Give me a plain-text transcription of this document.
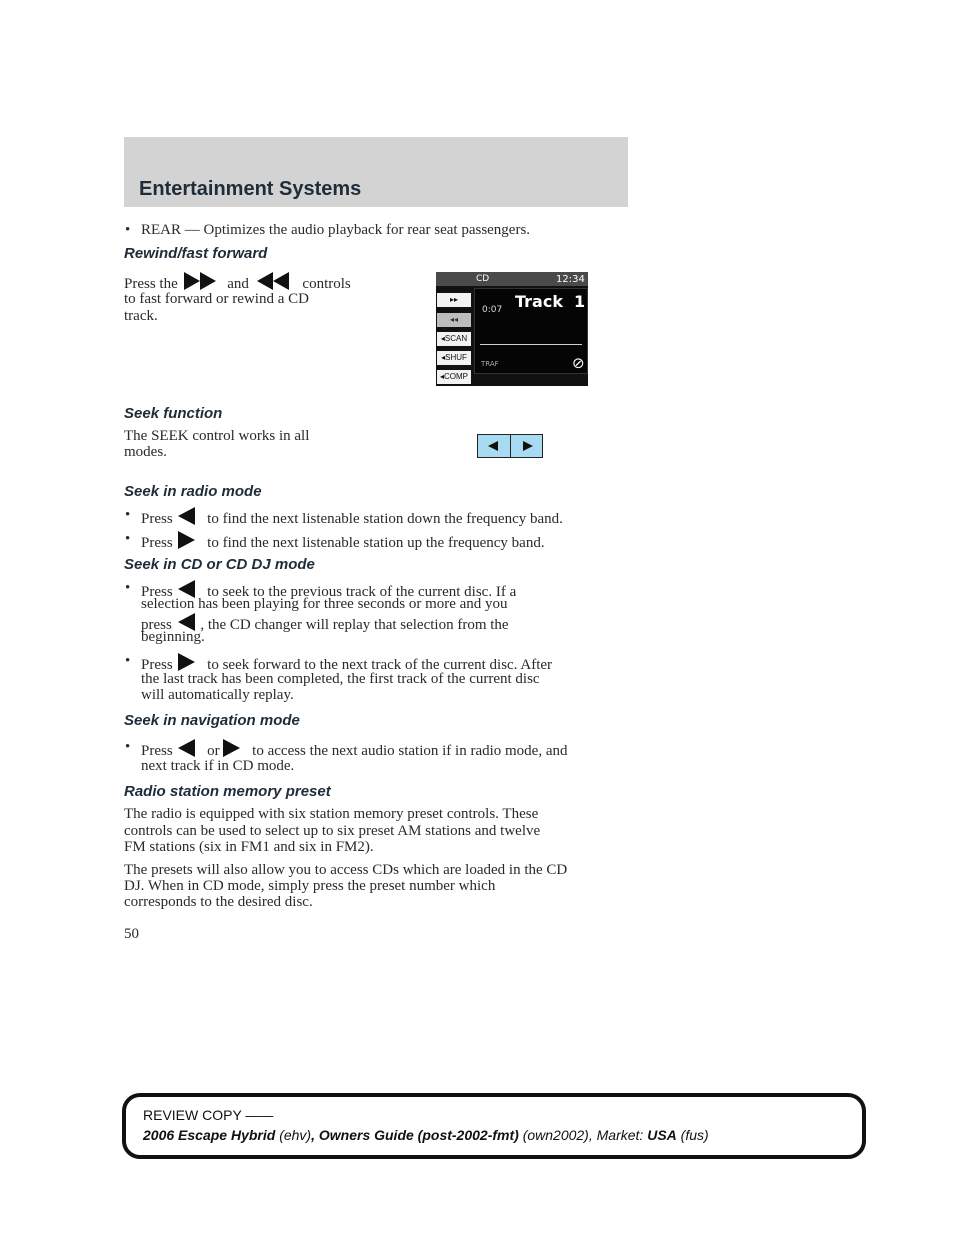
Entertainment Systems
• REAR — Optimizes the audio playback for rear seat passengers.
Rewind/fast forward
Press the	and	controls
to fast forward or rewind a CD
track.
CD	12:34
Track 1
0:07
TRAF	⊘
▸▸
◂◂
◂SCAN
◂SHUF
◂COMP
Seek function
The SEEK control works in all
modes.
Seek in radio mode
• Press to find the next listenable station down the frequency band.
• Press to find the next listenable station up the frequency band.
Seek in CD or CD DJ mode
• Press to seek to the previous track of the current disc. If a
selection has been playing for three seconds or more and you
press , the CD changer will replay that selection from the
beginning.
• Press to seek forward to the next track of the current disc. After
the last track has been completed, the first track of the current disc
will automatically replay.
Seek in navigation mode
• Press or to access the next audio station if in radio mode, and
next track if in CD mode.
Radio station memory preset
The radio is equipped with six station memory preset controls. These
controls can be used to select up to six preset AM stations and twelve
FM stations (six in FM1 and six in FM2).
The presets will also allow you to access CDs which are loaded in the CD
DJ. When in CD mode, simply press the preset number which
corresponds to the desired disc.
50
REVIEW COPY ——
2006 Escape Hybrid (ehv), Owners Guide (post-2002-fmt) (own2002), Market: USA (fus)
